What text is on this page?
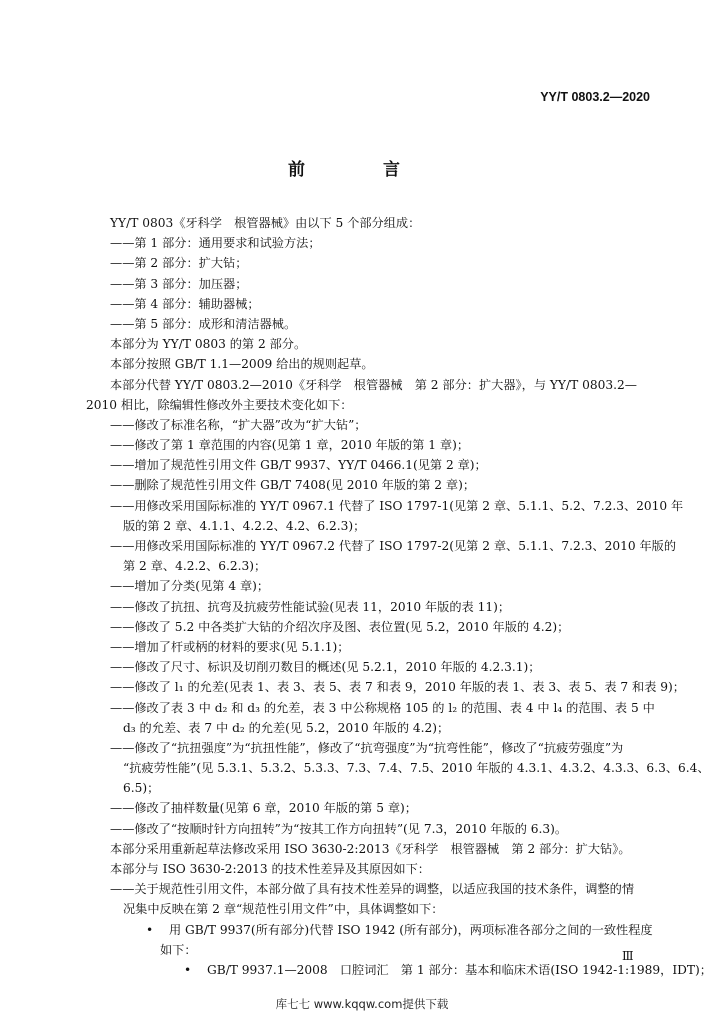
YY/T 0803.2—2020
前 言
YY/T 0803《牙科学　根管器械》由以下 5 个部分组成：
——第 1 部分：通用要求和试验方法；
——第 2 部分：扩大钻；
——第 3 部分：加压器；
——第 4 部分：辅助器械；
——第 5 部分：成形和清洁器械。
本部分为 YY/T 0803 的第 2 部分。
本部分按照 GB/T 1.1—2009 给出的规则起草。
本部分代替 YY/T 0803.2—2010《牙科学　根管器械　第 2 部分：扩大器》，与 YY/T 0803.2—
2010 相比，除编辑性修改外主要技术变化如下：
——修改了标准名称，“扩大器”改为“扩大钻”；
——修改了第 1 章范围的内容(见第 1 章，2010 年版的第 1 章)；
——增加了规范性引用文件 GB/T 9937、YY/T 0466.1(见第 2 章)；
——删除了规范性引用文件 GB/T 7408(见 2010 年版的第 2 章)；
——用修改采用国际标准的 YY/T 0967.1 代替了 ISO 1797-1(见第 2 章、5.1.1、5.2、7.2.3、2010 年
版的第 2 章、4.1.1、4.2.2、4.2、6.2.3)；
——用修改采用国际标准的 YY/T 0967.2 代替了 ISO 1797-2(见第 2 章、5.1.1、7.2.3、2010 年版的
第 2 章、4.2.2、6.2.3)；
——增加了分类(见第 4 章)；
——修改了抗扭、抗弯及抗疲劳性能试验(见表 11，2010 年版的表 11)；
——修改了 5.2 中各类扩大钻的介绍次序及图、表位置(见 5.2，2010 年版的 4.2)；
——增加了杆或柄的材料的要求(见 5.1.1)；
——修改了尺寸、标识及切削刃数目的概述(见 5.2.1，2010 年版的 4.2.3.1)；
——修改了 l₁ 的允差(见表 1、表 3、表 5、表 7 和表 9，2010 年版的表 1、表 3、表 5、表 7 和表 9)；
——修改了表 3 中 d₂ 和 d₃ 的允差，表 3 中公称规格 105 的 l₂ 的范围、表 4 中 l₄ 的范围、表 5 中
d₃ 的允差、表 7 中 d₂ 的允差(见 5.2，2010 年版的 4.2)；
——修改了“抗扭强度”为“抗扭性能”，修改了“抗弯强度”为“抗弯性能”，修改了“抗疲劳强度”为
“抗疲劳性能”(见 5.3.1、5.3.2、5.3.3、7.3、7.4、7.5、2010 年版的 4.3.1、4.3.2、4.3.3、6.3、6.4、
6.5)；
——修改了抽样数量(见第 6 章，2010 年版的第 5 章)；
——修改了“按顺时针方向扭转”为“按其工作方向扭转”(见 7.3，2010 年版的 6.3)。
本部分采用重新起草法修改采用 ISO 3630-2:2013《牙科学　根管器械　第 2 部分：扩大钻》。
本部分与 ISO 3630-2:2013 的技术性差异及其原因如下：
——关于规范性引用文件，本部分做了具有技术性差异的调整，以适应我国的技术条件，调整的情
况集中反映在第 2 章“规范性引用文件”中，具体调整如下：
• 用 GB/T 9937(所有部分)代替 ISO 1942 (所有部分)，两项标准各部分之间的一致性程度
如下：
• GB/T 9937.1—2008　口腔词汇　第 1 部分：基本和临床术语(ISO 1942-1:1989，IDT)；
Ⅲ
库七七 www.kqqw.com提供下载
